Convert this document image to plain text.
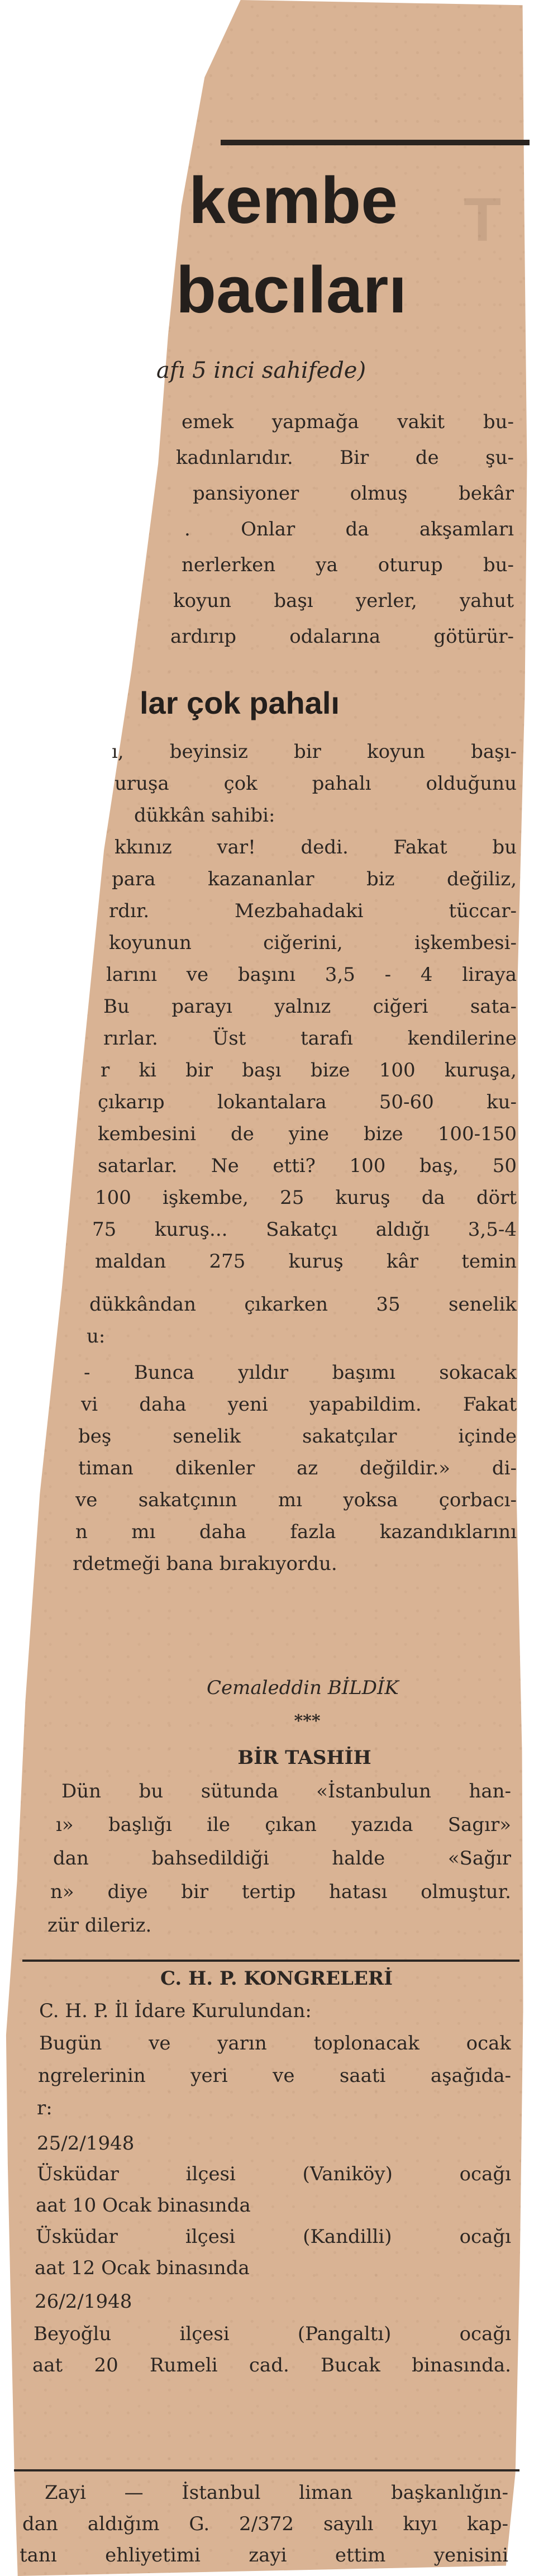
T
kembe
bacıları

afı 5 inci sahifede)

emek yapmağa vakit bu-

kadınlarıdır. Bir de şu-

pansiyoner olmuş bekâr

. Onlar da akşamları

nerlerken ya oturup bu-

koyun başı yerler, yahut

ardırıp odalarına götürür-

lar çok pahalı

ı, beyinsiz bir koyun başı-

uruşa çok pahalı olduğunu

dükkân sahibi:

kkınız var! dedi. Fakat bu

para kazananlar biz değiliz,

rdır. Mezbahadaki tüccar-

koyunun ciğerini, işkembesi-

larını ve başını 3,5 - 4 liraya

Bu parayı yalnız ciğeri sata-

rırlar. Üst tarafı kendilerine

r ki bir başı bize 100 kuruşa,

çıkarıp lokantalara 50-60 ku-

kembesini de yine bize 100-150

satarlar. Ne etti? 100 baş, 50

100 işkembe, 25 kuruş da dört

75 kuruş... Sakatçı aldığı 3,5-4

maldan 275 kuruş kâr temin

dükkândan çıkarken 35 senelik

u:

- Bunca yıldır başımı sokacak

vi daha yeni yapabildim. Fakat

beş senelik sakatçılar içinde

timan dikenler az değildir.» di-

ve sakatçının mı yoksa çorbacı-

n mı daha fazla kazandıklarını

rdetmeği bana bırakıyordu.

Cemaleddin BİLDİK

***

BİR TASHİH

Dün bu sütunda «İstanbulun han-

ı» başlığı ile çıkan yazıda Sagır»

dan bahsedildiği halde «Sağır

n» diye bir tertip hatası olmuştur.

zür dileriz.

C. H. P. KONGRELERİ

C. H. P. İl İdare Kurulundan:

Bugün ve yarın toplonacak ocak

ngrelerinin yeri ve saati aşağıda-

r:

25/2/1948

Üsküdar ilçesi (Vaniköy) ocağı

aat 10 Ocak binasında

Üsküdar ilçesi (Kandilli) ocağı

aat 12 Ocak binasında

26/2/1948

Beyoğlu ilçesi (Pangaltı) ocağı

aat 20 Rumeli cad. Bucak binasında.

Zayi — İstanbul liman başkanlığın-

dan aldığım G. 2/372 sayılı kıyı kap-

tanı ehliyetimi zayi ettim yenisini
